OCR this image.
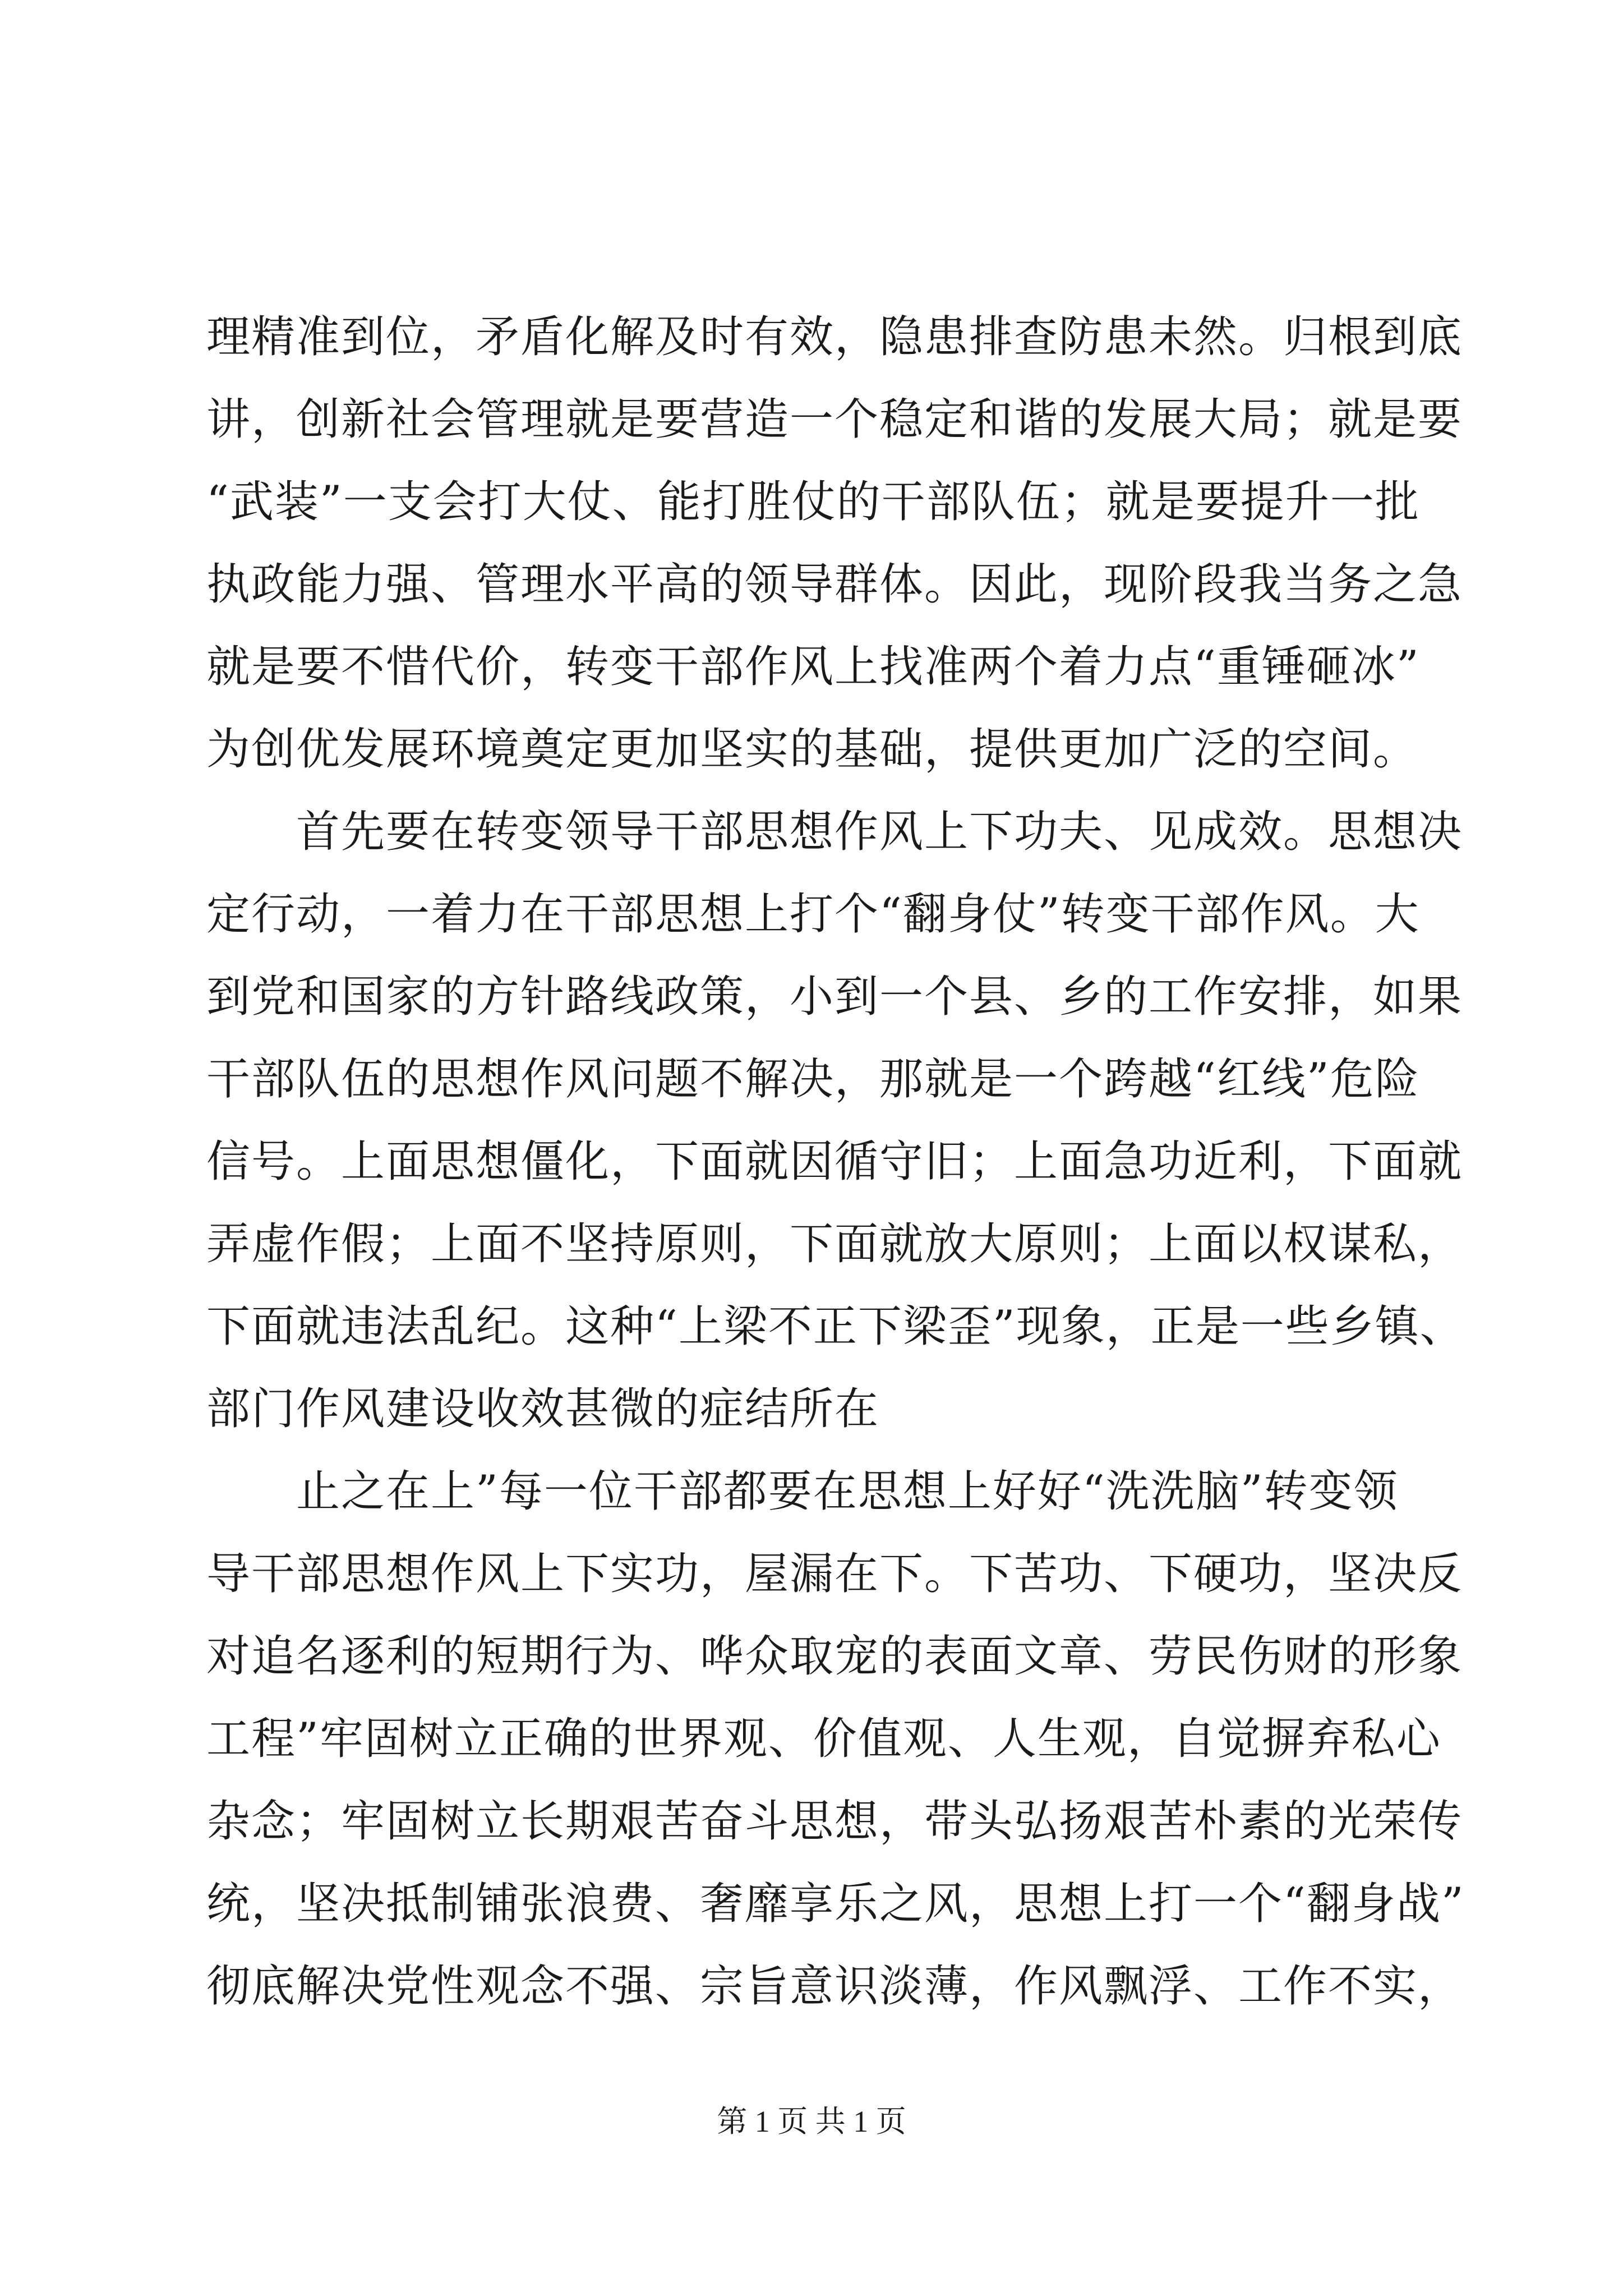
理精准到位，矛盾化解及时有效，隐患排查防患未然。归根到底
讲，创新社会管理就是要营造一个稳定和谐的发展大局；就是要
“武装”一支会打大仗、能打胜仗的干部队伍；就是要提升一批
执政能力强、管理水平高的领导群体。因此，现阶段我当务之急
就是要不惜代价，转变干部作风上找准两个着力点“重锤砸冰”
为创优发展环境奠定更加坚实的基础，提供更加广泛的空间。
　　首先要在转变领导干部思想作风上下功夫、见成效。思想决
定行动，一着力在干部思想上打个“翻身仗”转变干部作风。大
到党和国家的方针路线政策，小到一个县、乡的工作安排，如果
干部队伍的思想作风问题不解决，那就是一个跨越“红线”危险
信号。上面思想僵化，下面就因循守旧；上面急功近利，下面就
弄虚作假；上面不坚持原则，下面就放大原则；上面以权谋私，
下面就违法乱纪。这种“上梁不正下梁歪”现象，正是一些乡镇、
部门作风建设收效甚微的症结所在
　　止之在上”每一位干部都要在思想上好好“洗洗脑”转变领
导干部思想作风上下实功，屋漏在下。下苦功、下硬功，坚决反
对追名逐利的短期行为、哗众取宠的表面文章、劳民伤财的形象
工程”牢固树立正确的世界观、价值观、人生观，自觉摒弃私心
杂念；牢固树立长期艰苦奋斗思想，带头弘扬艰苦朴素的光荣传
统，坚决抵制铺张浪费、奢靡享乐之风，思想上打一个“翻身战”
彻底解决党性观念不强、宗旨意识淡薄，作风飘浮、工作不实，
第 1 页 共 1 页
